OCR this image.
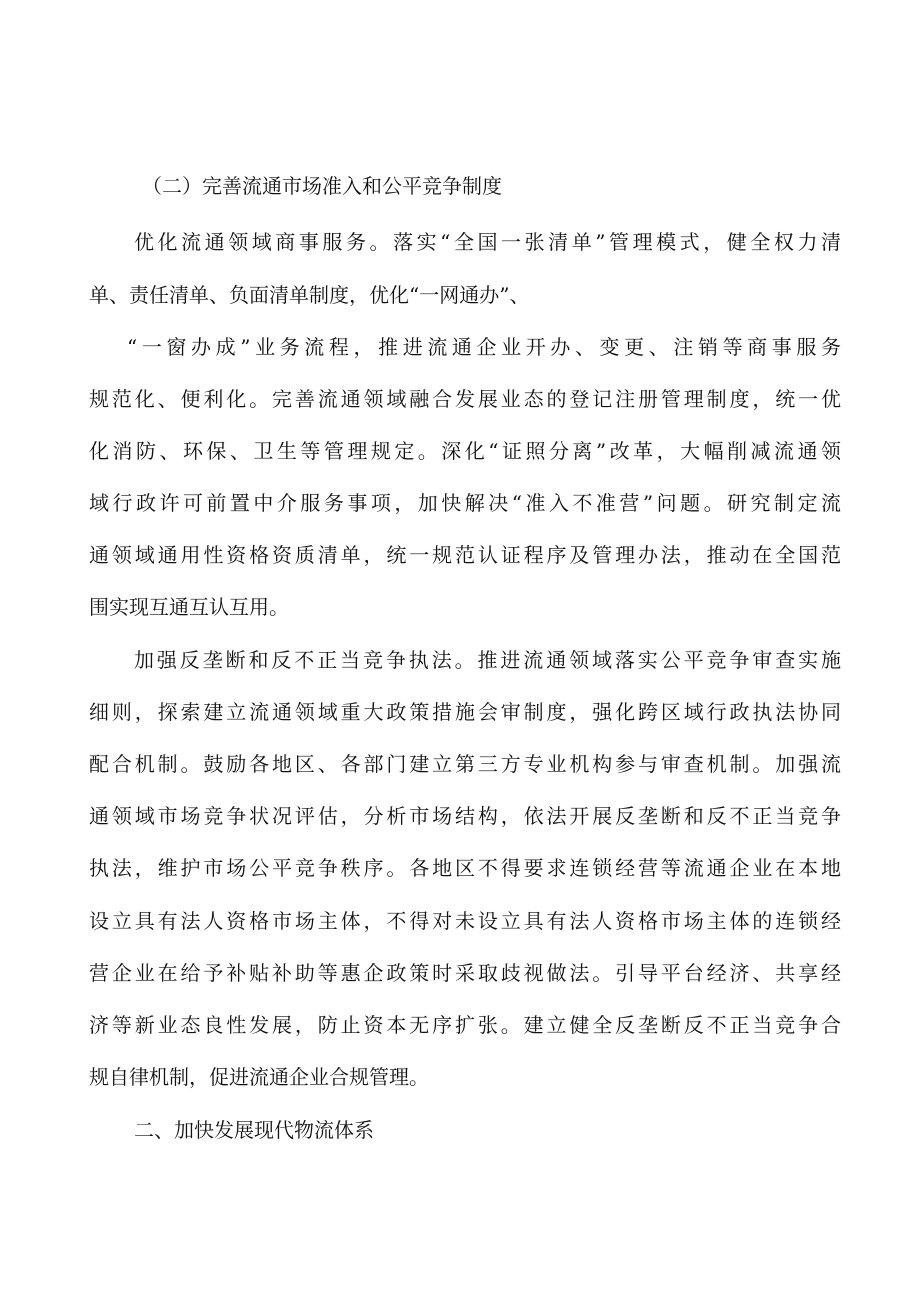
（二）完善流通市场准入和公平竞争制度
优化流通领域商事服务。落实“全国一张清单”管理模式，健全权力清
单、责任清单、负面清单制度，优化“一网通办”、
“一窗办成”业务流程，推进流通企业开办、变更、注销等商事服务
规范化、便利化。完善流通领域融合发展业态的登记注册管理制度，统一优
化消防、环保、卫生等管理规定。深化“证照分离”改革，大幅削减流通领
域行政许可前置中介服务事项，加快解决“准入不准营”问题。研究制定流
通领域通用性资格资质清单，统一规范认证程序及管理办法，推动在全国范
围实现互通互认互用。
加强反垄断和反不正当竞争执法。推进流通领域落实公平竞争审查实施
细则，探索建立流通领域重大政策措施会审制度，强化跨区域行政执法协同
配合机制。鼓励各地区、各部门建立第三方专业机构参与审查机制。加强流
通领域市场竞争状况评估，分析市场结构，依法开展反垄断和反不正当竞争
执法，维护市场公平竞争秩序。各地区不得要求连锁经营等流通企业在本地
设立具有法人资格市场主体，不得对未设立具有法人资格市场主体的连锁经
营企业在给予补贴补助等惠企政策时采取歧视做法。引导平台经济、共享经
济等新业态良性发展，防止资本无序扩张。建立健全反垄断反不正当竞争合
规自律机制，促进流通企业合规管理。
二、加快发展现代物流体系
